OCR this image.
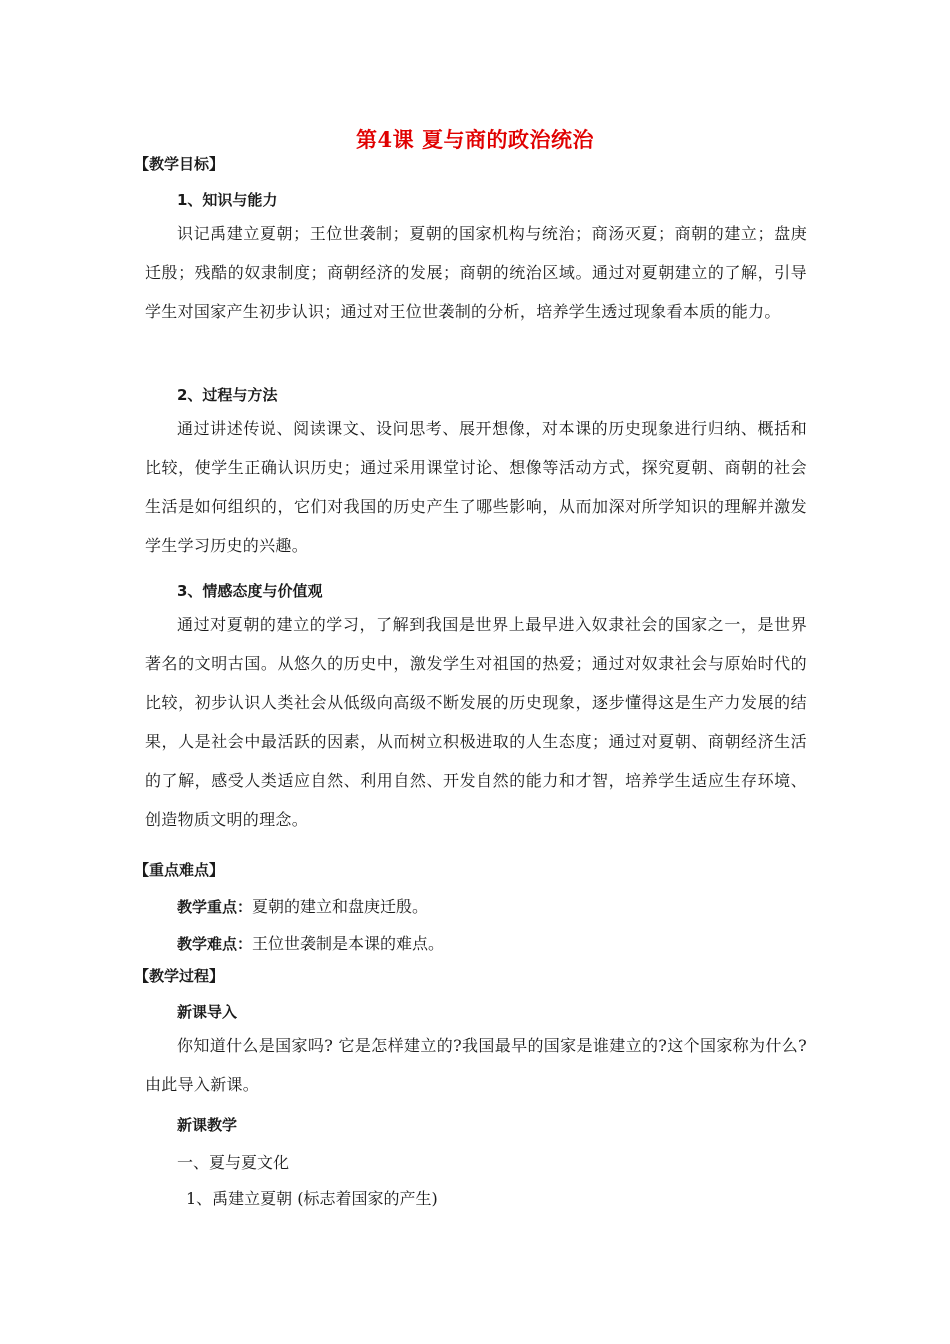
第4课 夏与商的政治统治
【教学目标】
1、知识与能力
识记禹建立夏朝；王位世袭制；夏朝的国家机构与统治；商汤灭夏；商朝的建立；盘庚迁殷；残酷的奴隶制度；商朝经济的发展；商朝的统治区域。通过对夏朝建立的了解，引导学生对国家产生初步认识；通过对王位世袭制的分析，培养学生透过现象看本质的能力。
2、过程与方法
通过讲述传说、阅读课文、设问思考、展开想像，对本课的历史现象进行归纳、概括和比较，使学生正确认识历史；通过采用课堂讨论、想像等活动方式，探究夏朝、商朝的社会生活是如何组织的，它们对我国的历史产生了哪些影响，从而加深对所学知识的理解并激发学生学习历史的兴趣。
3、情感态度与价值观
通过对夏朝的建立的学习，了解到我国是世界上最早进入奴隶社会的国家之一，是世界著名的文明古国。从悠久的历史中，激发学生对祖国的热爱；通过对奴隶社会与原始时代的比较，初步认识人类社会从低级向高级不断发展的历史现象，逐步懂得这是生产力发展的结果，人是社会中最活跃的因素，从而树立积极进取的人生态度；通过对夏朝、商朝经济生活的了解，感受人类适应自然、利用自然、开发自然的能力和才智，培养学生适应生存环境、创造物质文明的理念。
【重点难点】
教学重点：夏朝的建立和盘庚迁殷。
教学难点：王位世袭制是本课的难点。
【教学过程】
新课导入
你知道什么是国家吗? 它是怎样建立的?我国最早的国家是谁建立的?这个国家称为什么?由此导入新课。
新课教学
一、夏与夏文化
1、禹建立夏朝 (标志着国家的产生)
